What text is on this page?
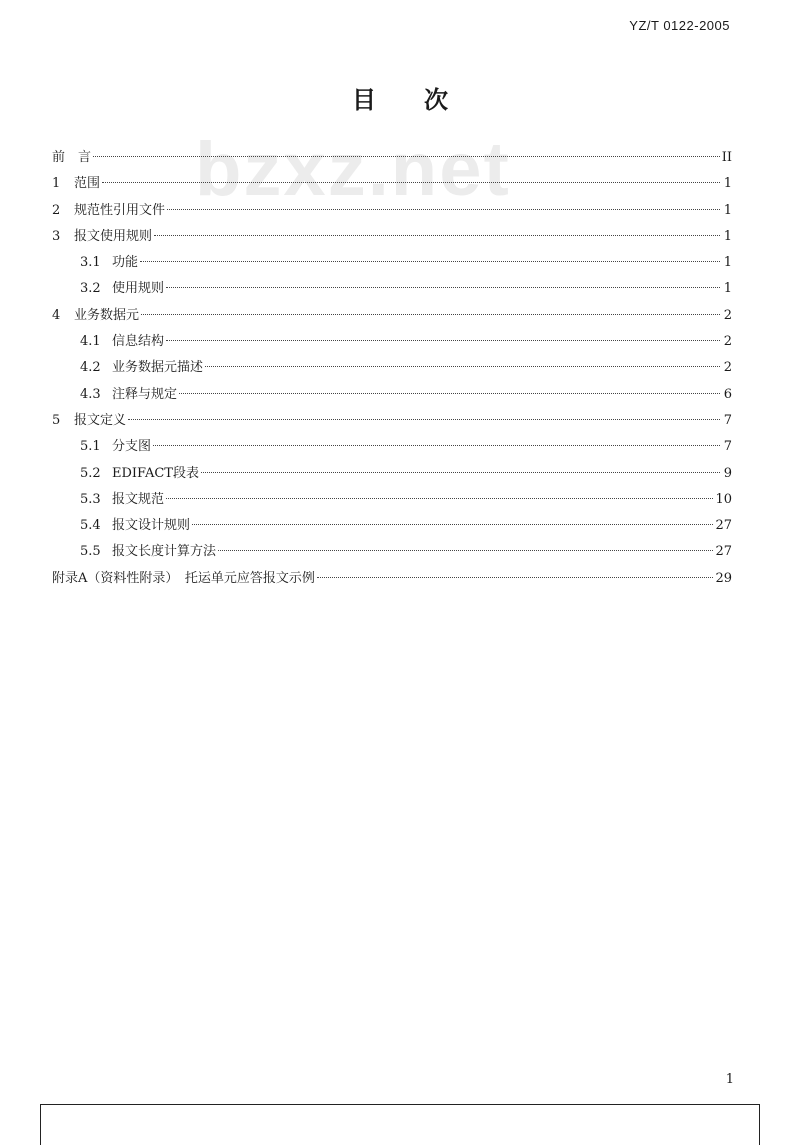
YZ/T 0122-2005
bzxz.net
目　　次
前　言	II
1	范围	1
2	规范性引用文件	1
3	报文使用规则	1
3.1 功能	1
3.2 使用规则	1
4	业务数据元	2
4.1 信息结构	2
4.2 业务数据元描述	2
4.3 注释与规定	6
5	报文定义	7
5.1 分支图	7
5.2 EDIFACT段表	9
5.3 报文规范	10
5.4 报文设计规则	27
5.5 报文长度计算方法	27
附录A（资料性附录）　托运单元应答报文示例	29
1
